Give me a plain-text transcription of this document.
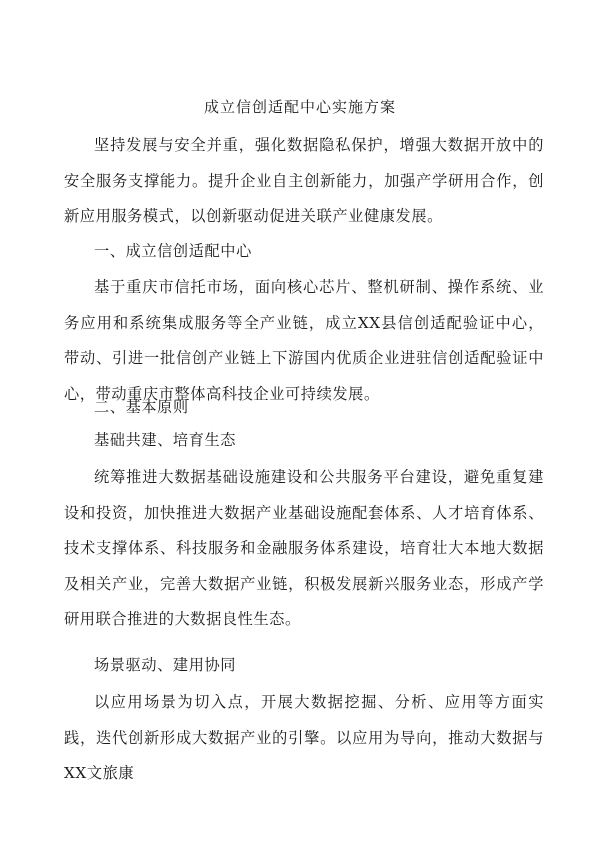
成立信创适配中心实施方案

坚持发展与安全并重，强化数据隐私保护，增强大数据开放中的安全服务支撑能力。提升企业自主创新能力，加强产学研用合作，创新应用服务模式，以创新驱动促进关联产业健康发展。

一、成立信创适配中心

基于重庆市信托市场，面向核心芯片、整机研制、操作系统、业务应用和系统集成服务等全产业链，成立XX县信创适配验证中心，带动、引进一批信创产业链上下游国内优质企业进驻信创适配验证中心，带动重庆市整体高科技企业可持续发展。

二、基本原则
基础共建、培育生态

统筹推进大数据基础设施建设和公共服务平台建设，避免重复建设和投资，加快推进大数据产业基础设施配套体系、人才培育体系、技术支撑体系、科技服务和金融服务体系建设，培育壮大本地大数据及相关产业，完善大数据产业链，积极发展新兴服务业态，形成产学研用联合推进的大数据良性生态。

场景驱动、建用协同

以应用场景为切入点，开展大数据挖掘、分析、应用等方面实践，迭代创新形成大数据产业的引擎。以应用为导向，推动大数据与XX文旅康
